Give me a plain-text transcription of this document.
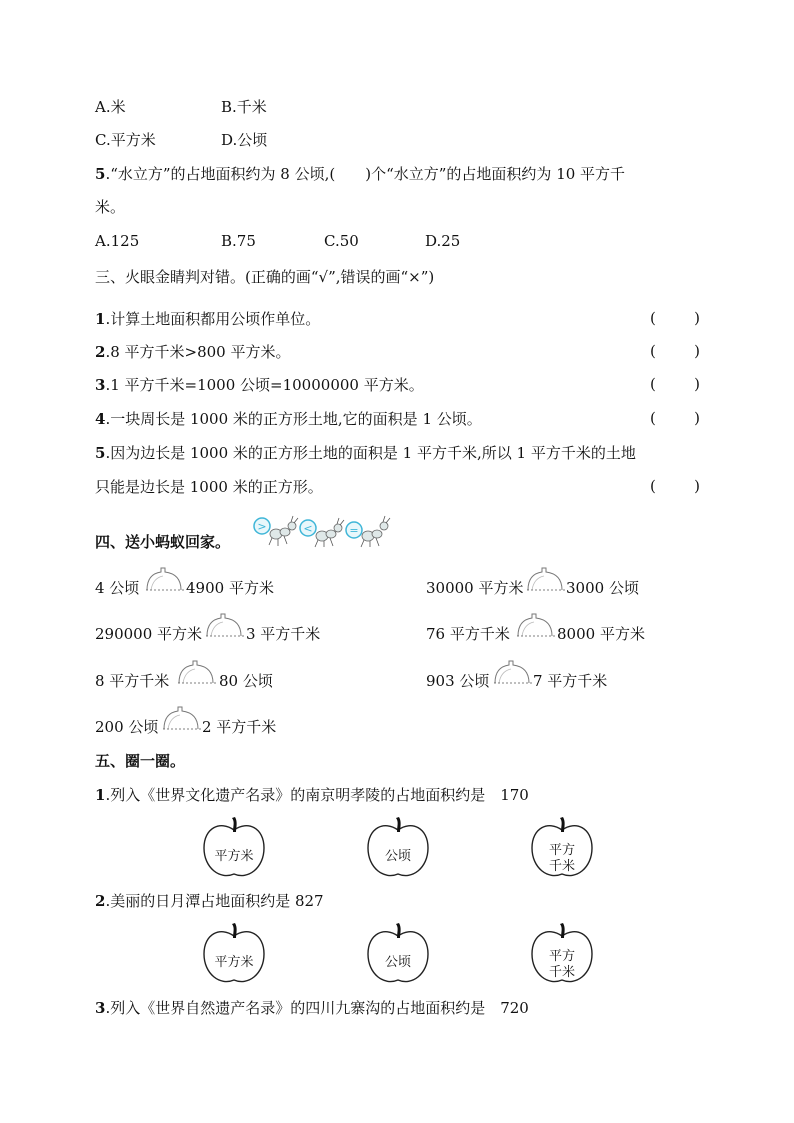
A.米	B.千米
C.平方米	D.公顷
5.“水立方”的占地面积约为 8 公顷,(　　)个“水立方”的占地面积约为 10 平方千
米。
A.125	B.75	C.50	D.25
三、火眼金睛判对错。(正确的画“√”,错误的画“×”)
1.计算土地面积都用公顷作单位。	(	)
2.8 平方千米>800 平方米。	(	)
3.1 平方千米=1000 公顷=10000000 平方米。	(	)
4.一块周长是 1000 米的正方形土地,它的面积是 1 公顷。	(	)
5.因为边长是 1000 米的正方形土地的面积是 1 平方千米,所以 1 平方千米的土地
只能是边长是 1000 米的正方形。	(	)
四、送小蚂蚁回家。
>	<	=
4 公顷	4900 平方米	30000 平方米	3000 公顷
290000 平方米	3 平方千米	76 平方千米	8000 平方米
8 平方千米	80 公顷	903 公顷	7 平方千米
200 公顷	2 平方千米
五、圈一圈。
1.列入《世界文化遗产名录》的南京明孝陵的占地面积约是　170
平方米	公顷	平方
千米
2.美丽的日月潭占地面积约是 827
平方米	公顷	平方
千米
3.列入《世界自然遗产名录》的四川九寨沟的占地面积约是　720
